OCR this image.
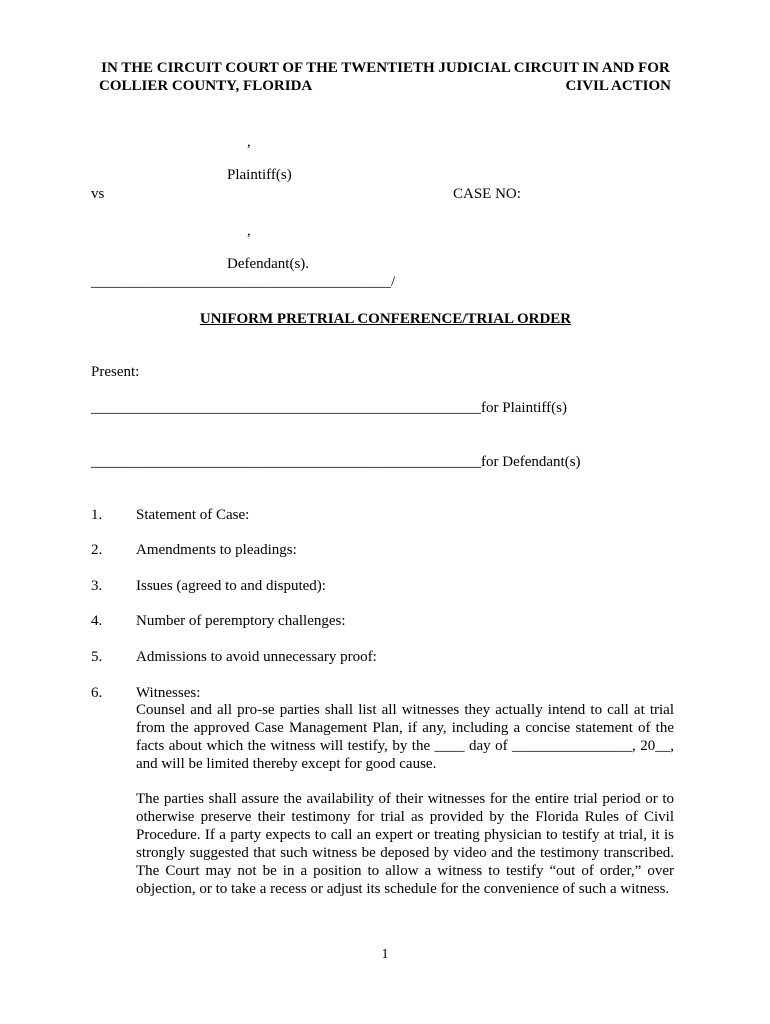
IN THE CIRCUIT COURT OF THE TWENTIETH JUDICIAL CIRCUIT IN AND FOR
COLLIER COUNTY, FLORIDA	CIVIL ACTION
,
Plaintiff(s)
vs	CASE NO:
,
Defendant(s).
________________________________________/
UNIFORM PRETRIAL CONFERENCE/TRIAL ORDER
Present:
____________________________________________________for Plaintiff(s)
____________________________________________________for Defendant(s)
1. Statement of Case:
2. Amendments to pleadings:
3. Issues (agreed to and disputed):
4. Number of peremptory challenges:
5. Admissions to avoid unnecessary proof:
6. Witnesses:
Counsel and all pro-se parties shall list all witnesses they actually intend to call at trial from the approved Case Management Plan, if any, including a concise statement of the facts about which the witness will testify, by the ____ day of ________________, 20__, and will be limited thereby except for good cause.
The parties shall assure the availability of their witnesses for the entire trial period or to otherwise preserve their testimony for trial as provided by the Florida Rules of Civil Procedure. If a party expects to call an expert or treating physician to testify at trial, it is strongly suggested that such witness be deposed by video and the testimony transcribed. The Court may not be in a position to allow a witness to testify “out of order,” over objection, or to take a recess or adjust its schedule for the convenience of such a witness.
1
